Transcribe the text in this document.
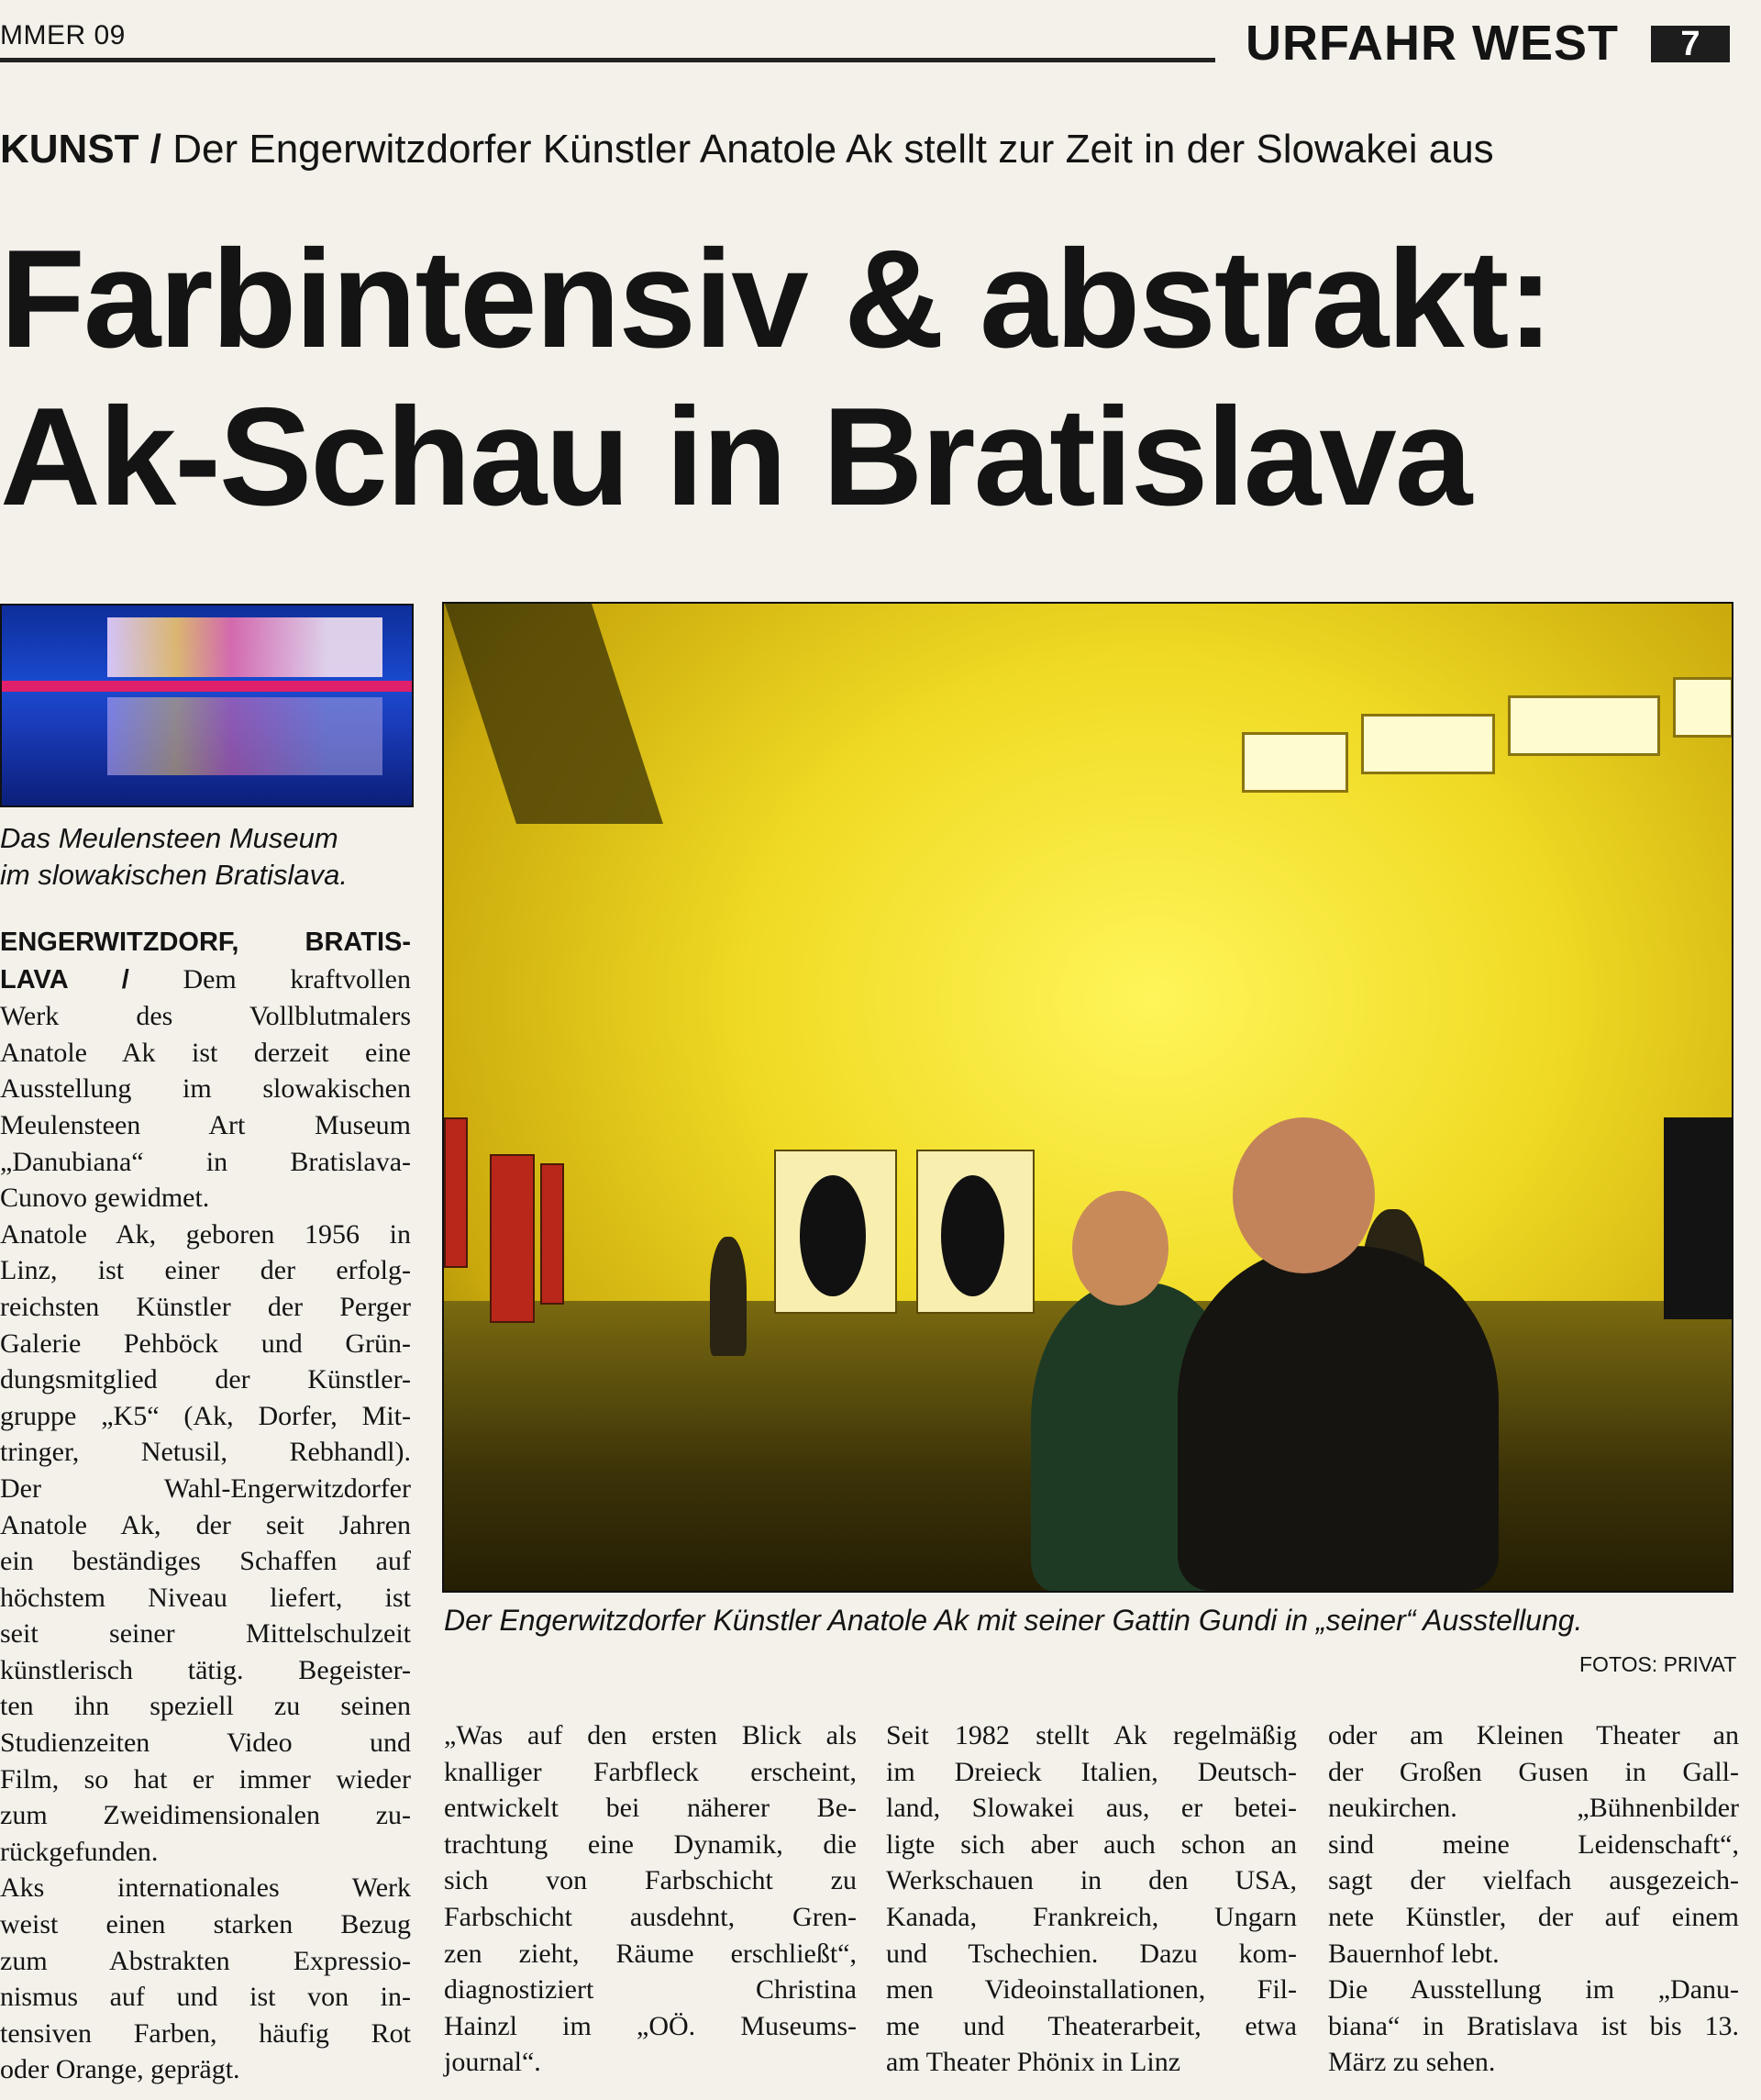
MMER 09	URFAHR WEST	7
KUNST / Der Engerwitzdorfer Künstler Anatole Ak stellt zur Zeit in der Slowakei aus
Farbintensiv & abstrakt:
Ak-Schau in Bratislava
Das Meulensteen Museum
im slowakischen Bratislava.
Der Engerwitzdorfer Künstler Anatole Ak mit seiner Gattin Gundi in „seiner“ Ausstellung.
FOTOS: PRIVAT
ENGERWITZDORF, BRATIS-
LAVA / Dem kraftvollen
Werk des Vollblutmalers
Anatole Ak ist derzeit eine
Ausstellung im slowakischen
Meulensteen Art Museum
„Danubiana“ in Bratislava-
Cunovo gewidmet.
Anatole Ak, geboren 1956 in
Linz, ist einer der erfolg-
reichsten Künstler der Perger
Galerie Pehböck und Grün-
dungsmitglied der Künstler-
gruppe „K5“ (Ak, Dorfer, Mit-
tringer, Netusil, Rebhandl).
Der Wahl-Engerwitzdorfer
Anatole Ak, der seit Jahren
ein beständiges Schaffen auf
höchstem Niveau liefert, ist
seit seiner Mittelschulzeit
künstlerisch tätig. Begeister-
ten ihn speziell zu seinen
Studienzeiten Video und
Film, so hat er immer wieder
zum Zweidimensionalen zu-
rückgefunden.
Aks internationales Werk
weist einen starken Bezug
zum Abstrakten Expressio-
nismus auf und ist von in-
tensiven Farben, häufig Rot
oder Orange, geprägt.
„Was auf den ersten Blick als
knalliger Farbfleck erscheint,
entwickelt bei näherer Be-
trachtung eine Dynamik, die
sich von Farbschicht zu
Farbschicht ausdehnt, Gren-
zen zieht, Räume erschließt“,
diagnostiziert Christina
Hainzl im „OÖ. Museums-
journal“.
Seit 1982 stellt Ak regelmäßig
im Dreieck Italien, Deutsch-
land, Slowakei aus, er betei-
ligte sich aber auch schon an
Werkschauen in den USA,
Kanada, Frankreich, Ungarn
und Tschechien. Dazu kom-
men Videoinstallationen, Fil-
me und Theaterarbeit, etwa
am Theater Phönix in Linz
oder am Kleinen Theater an
der Großen Gusen in Gall-
neukirchen. „Bühnenbilder
sind meine Leidenschaft“,
sagt der vielfach ausgezeich-
nete Künstler, der auf einem
Bauernhof lebt.
Die Ausstellung im „Danu-
biana“ in Bratislava ist bis 13.
März zu sehen.
